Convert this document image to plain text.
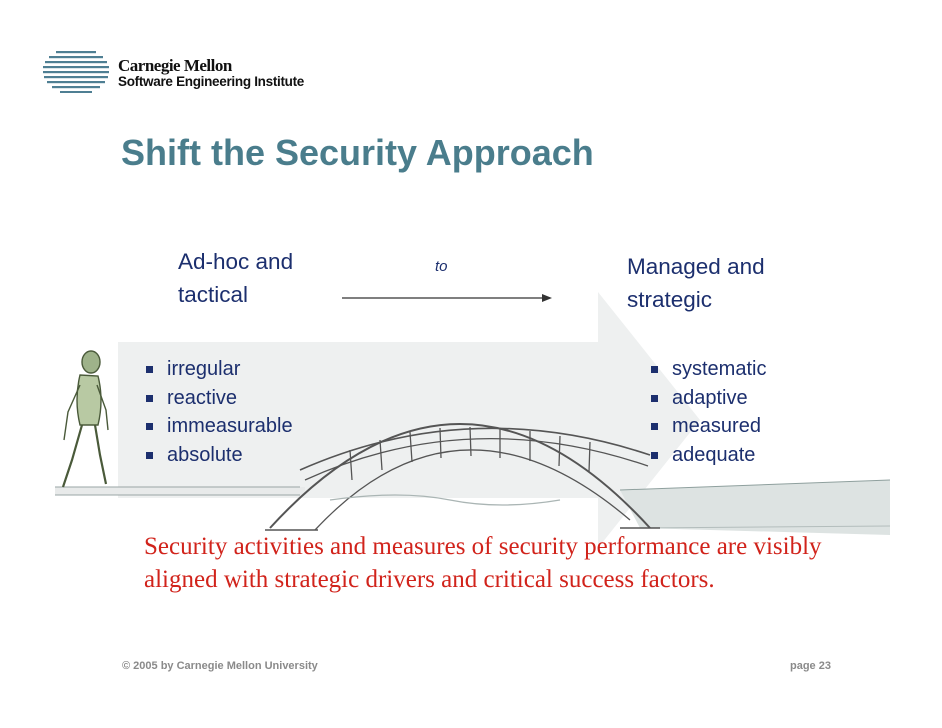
Carnegie Mellon
Software Engineering Institute
Shift the Security Approach
Ad-hoc and
tactical
to	Managed and
strategic
irregular
reactive
immeasurable
absolute
systematic
adaptive
measured
adequate

Security activities and measures of security performance are visibly aligned with strategic drivers and critical success factors.

© 2005 by Carnegie Mellon University	page 23
